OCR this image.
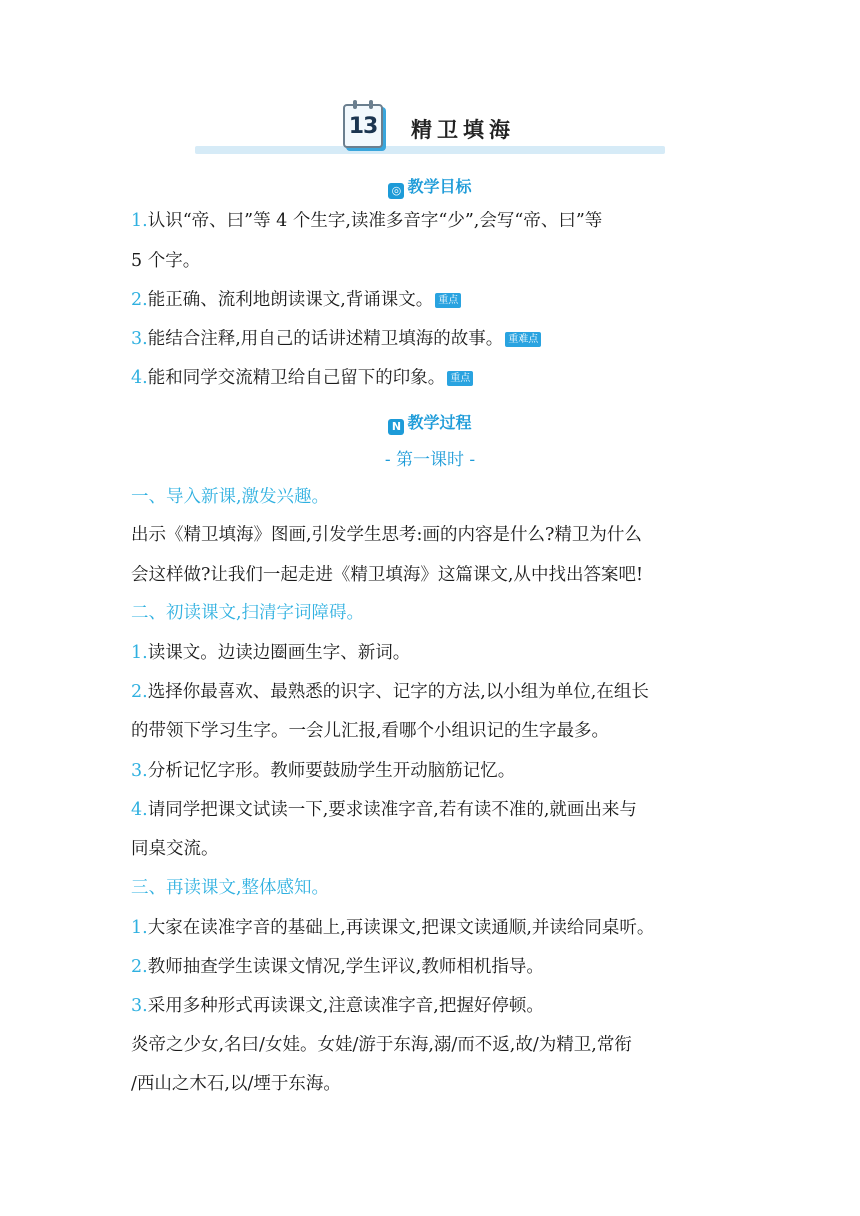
13 精卫填海
◎ 教学目标
1.认识“帝、曰”等 4 个生字,读准多音字“少”,会写“帝、曰”等
5 个字。
2.能正确、流利地朗读课文,背诵课文。 重点
3.能结合注释,用自己的话讲述精卫填海的故事。 重难点
4.能和同学交流精卫给自己留下的印象。 重点
N 教学过程
- 第一课时 -
一、导入新课,激发兴趣。
出示《精卫填海》图画,引发学生思考:画的内容是什么?精卫为什么
会这样做?让我们一起走进《精卫填海》这篇课文,从中找出答案吧!
二、初读课文,扫清字词障碍。
1.读课文。边读边圈画生字、新词。
2.选择你最喜欢、最熟悉的识字、记字的方法,以小组为单位,在组长
的带领下学习生字。一会儿汇报,看哪个小组识记的生字最多。
3.分析记忆字形。教师要鼓励学生开动脑筋记忆。
4.请同学把课文试读一下,要求读准字音,若有读不准的,就画出来与
同桌交流。
三、再读课文,整体感知。
1.大家在读准字音的基础上,再读课文,把课文读通顺,并读给同桌听。
2.教师抽查学生读课文情况,学生评议,教师相机指导。
3.采用多种形式再读课文,注意读准字音,把握好停顿。
炎帝之少女,名曰/女娃。女娃/游于东海,溺/而不返,故/为精卫,常衔
/西山之木石,以/堙于东海。
